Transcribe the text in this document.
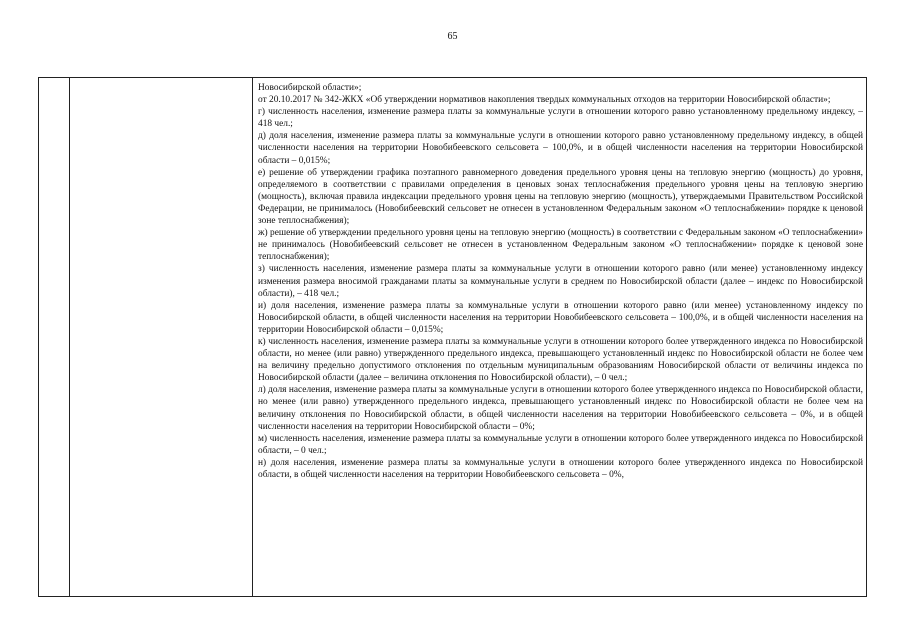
65
Новосибирской области»;
от 20.10.2017 № 342-ЖКХ «Об утверждении нормативов накопления твердых коммунальных отходов на территории Новосибирской области»;
г) численность населения, изменение размера платы за коммунальные услуги в отношении которого равно установленному предельному индексу, – 418 чел.;
д) доля населения, изменение размера платы за коммунальные услуги в отношении которого равно установленному предельному индексу, в общей численности населения на территории Новобибеевского сельсовета – 100,0%, и в общей численности населения на территории Новосибирской области – 0,015%;
е) решение об утверждении графика поэтапного равномерного доведения предельного уровня цены на тепловую энергию (мощность) до уровня, определяемого в соответствии с правилами определения в ценовых зонах теплоснабжения предельного уровня цены на тепловую энергию (мощность), включая правила индексации предельного уровня цены на тепловую энергию (мощность), утверждаемыми Правительством Российской Федерации, не принималось (Новобибеевский сельсовет не отнесен в установленном Федеральным законом «О теплоснабжении» порядке к ценовой зоне теплоснабжения);
ж) решение об утверждении предельного уровня цены на тепловую энергию (мощность) в соответствии с Федеральным законом «О теплоснабжении» не принималось (Новобибеевский сельсовет не отнесен в установленном Федеральным законом «О теплоснабжении» порядке к ценовой зоне теплоснабжения);
з) численность населения, изменение размера платы за коммунальные услуги в отношении которого равно (или менее) установленному индексу изменения размера вносимой гражданами платы за коммунальные услуги в среднем по Новосибирской области (далее – индекс по Новосибирской области), – 418 чел.;
и) доля населения, изменение размера платы за коммунальные услуги в отношении которого равно (или менее) установленному индексу по Новосибирской области, в общей численности населения на территории Новобибеевского сельсовета – 100,0%, и в общей численности населения на территории Новосибирской области – 0,015%;
к) численность населения, изменение размера платы за коммунальные услуги в отношении которого более утвержденного индекса по Новосибирской области, но менее (или равно) утвержденного предельного индекса, превышающего установленный индекс по Новосибирской области не более чем на величину предельно допустимого отклонения по отдельным муниципальным образованиям Новосибирской области от величины индекса по Новосибирской области (далее – величина отклонения по Новосибирской области), – 0 чел.;
л) доля населения, изменение размера платы за коммунальные услуги в отношении которого более утвержденного индекса по Новосибирской области, но менее (или равно) утвержденного предельного индекса, превышающего установленный индекс по Новосибирской области не более чем на величину отклонения по Новосибирской области, в общей численности населения на территории Новобибеевского сельсовета – 0%, и в общей численности населения на территории Новосибирской области – 0%;
м) численность населения, изменение размера платы за коммунальные услуги в отношении которого более утвержденного индекса по Новосибирской области, – 0 чел.;
н) доля населения, изменение размера платы за коммунальные услуги в отношении которого более утвержденного индекса по Новосибирской области, в общей численности населения на территории Новобибеевского сельсовета – 0%,
